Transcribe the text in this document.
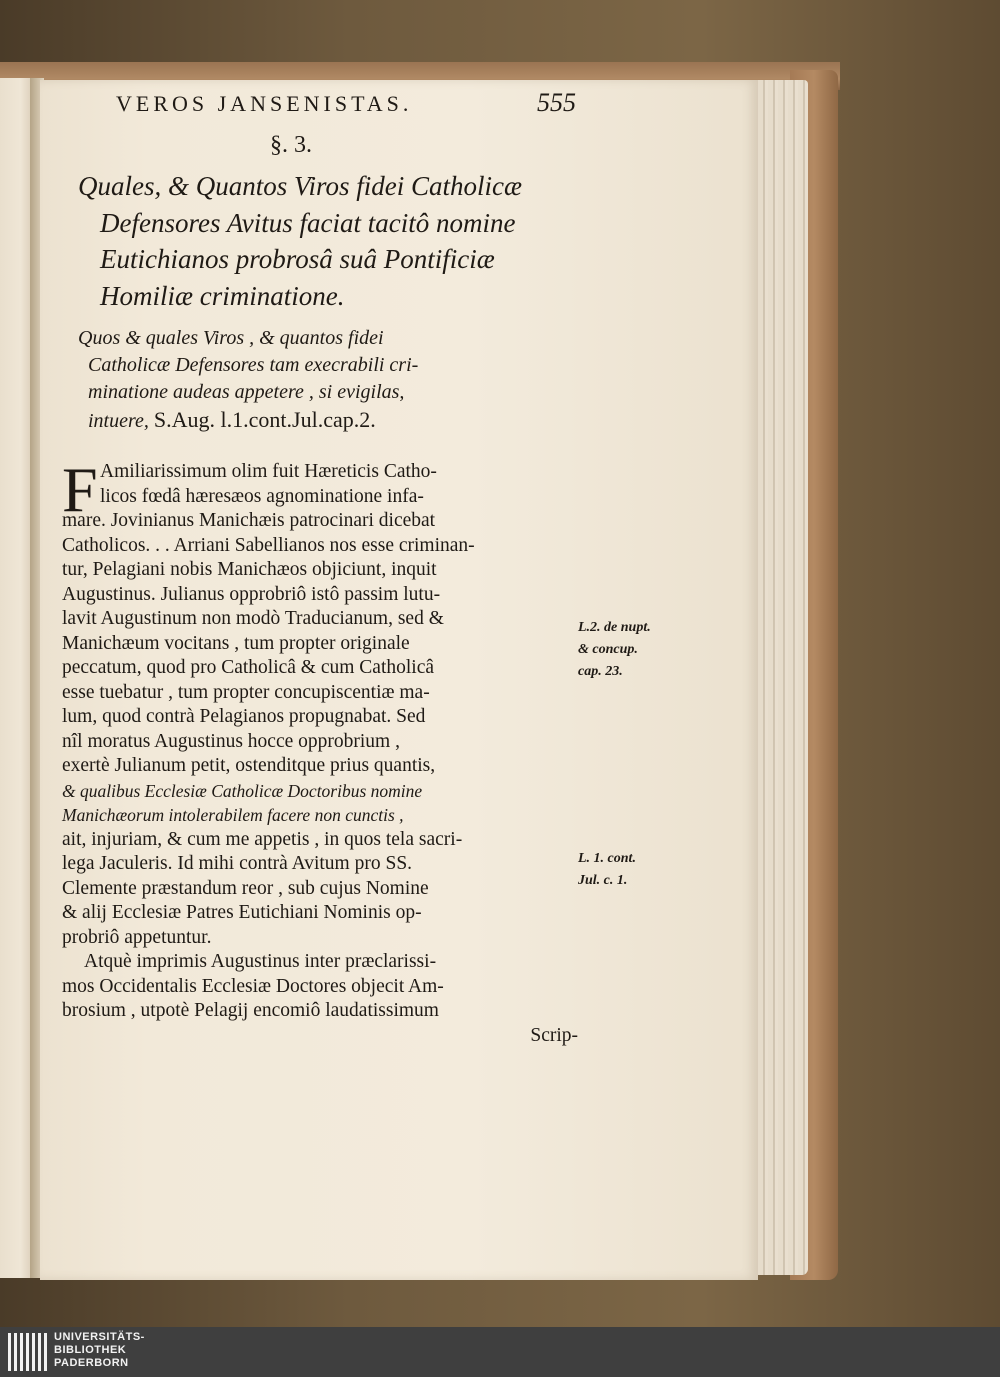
VEROS JANSENISTAS.	555
§. 3.
Quales, & Quantos Viros fidei Catholicæ
Defensores Avitus faciat tacitô nomine
Eutichianos probrosâ suâ Pontificiæ
Homiliæ criminatione.
Quos & quales Viros , & quantos fidei
Catholicæ Defensores tam execrabili cri-
minatione audeas appetere , si evigilas,
intuere, S.Aug. l.1.cont.Jul.cap.2.
F Amiliarissimum olim fuit Hæreticis Catho-
licos fœdâ hæresæos agnominatione infa-
mare. Jovinianus Manichæis patrocinari dicebat
Catholicos. . . Arriani Sabellianos nos esse criminan-
tur, Pelagiani nobis Manichæos objiciunt, inquit
Augustinus. Julianus opprobriô istô passim lutu-
lavit Augustinum non modò Traducianum, sed &
Manichæum vocitans , tum propter originale
peccatum, quod pro Catholicâ & cum Catholicâ
esse tuebatur , tum propter concupiscentiæ ma-
lum, quod contrà Pelagianos propugnabat. Sed
nîl moratus Augustinus hocce opprobrium ,
exertè Julianum petit, ostenditque prius quantis,
& qualibus Ecclesiæ Catholicæ Doctoribus nomine
Manichæorum intolerabilem facere non cunctis ,
ait, injuriam, & cum me appetis , in quos tela sacri-
lega Jaculeris. Id mihi contrà Avitum pro SS.
Clemente præstandum reor , sub cujus Nomine
& alij Ecclesiæ Patres Eutichiani Nominis op-
probriô appetuntur.
Atquè imprimis Augustinus inter præclarissi-
mos Occidentalis Ecclesiæ Doctores objecit Am-
brosium , utpotè Pelagij encomiô laudatissimum
Scrip-
L.2. de nupt.
& concup.
cap. 23.
L. 1. cont.
Jul. c. 1.
UNIVERSITÄTS-
BIBLIOTHEK
PADERBORN
